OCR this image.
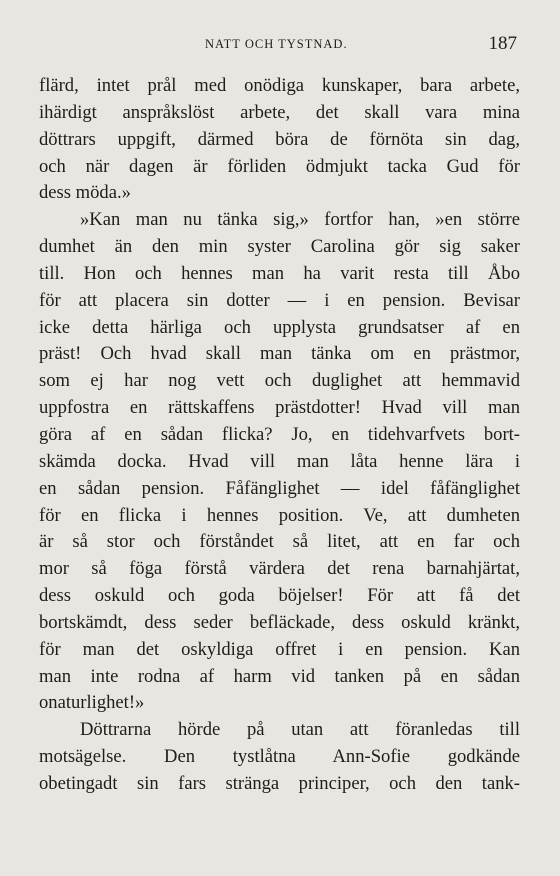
NATT OCH TYSTNAD.	187
flärd, intet prål med onödiga kunskaper, bara arbete,
ihärdigt anspråkslöst arbete, det skall vara mina
döttrars uppgift, därmed böra de förnöta sin dag,
och när dagen är förliden ödmjukt tacka Gud för
dess möda.»
»Kan man nu tänka sig,» fortfor han, »en större
dumhet än den min syster Carolina gör sig saker
till. Hon och hennes man ha varit resta till Åbo
för att placera sin dotter — i en pension. Bevisar
icke detta härliga och upplysta grundsatser af en
präst! Och hvad skall man tänka om en prästmor,
som ej har nog vett och duglighet att hemmavid
uppfostra en rättskaffens prästdotter! Hvad vill man
göra af en sådan flicka? Jo, en tidehvarfvets bort-
skämda docka. Hvad vill man låta henne lära i
en sådan pension. Fåfänglighet — idel fåfänglighet
för en flicka i hennes position. Ve, att dumheten
är så stor och förståndet så litet, att en far och
mor så föga förstå värdera det rena barnahjärtat,
dess oskuld och goda böjelser! För att få det
bortskämdt, dess seder befläckade, dess oskuld kränkt,
för man det oskyldiga offret i en pension. Kan
man inte rodna af harm vid tanken på en sådan
onaturlighet!»
Döttrarna hörde på utan att föranledas till
motsägelse. Den tystlåtna Ann-Sofie godkände
obetingadt sin fars stränga principer, och den tank-
